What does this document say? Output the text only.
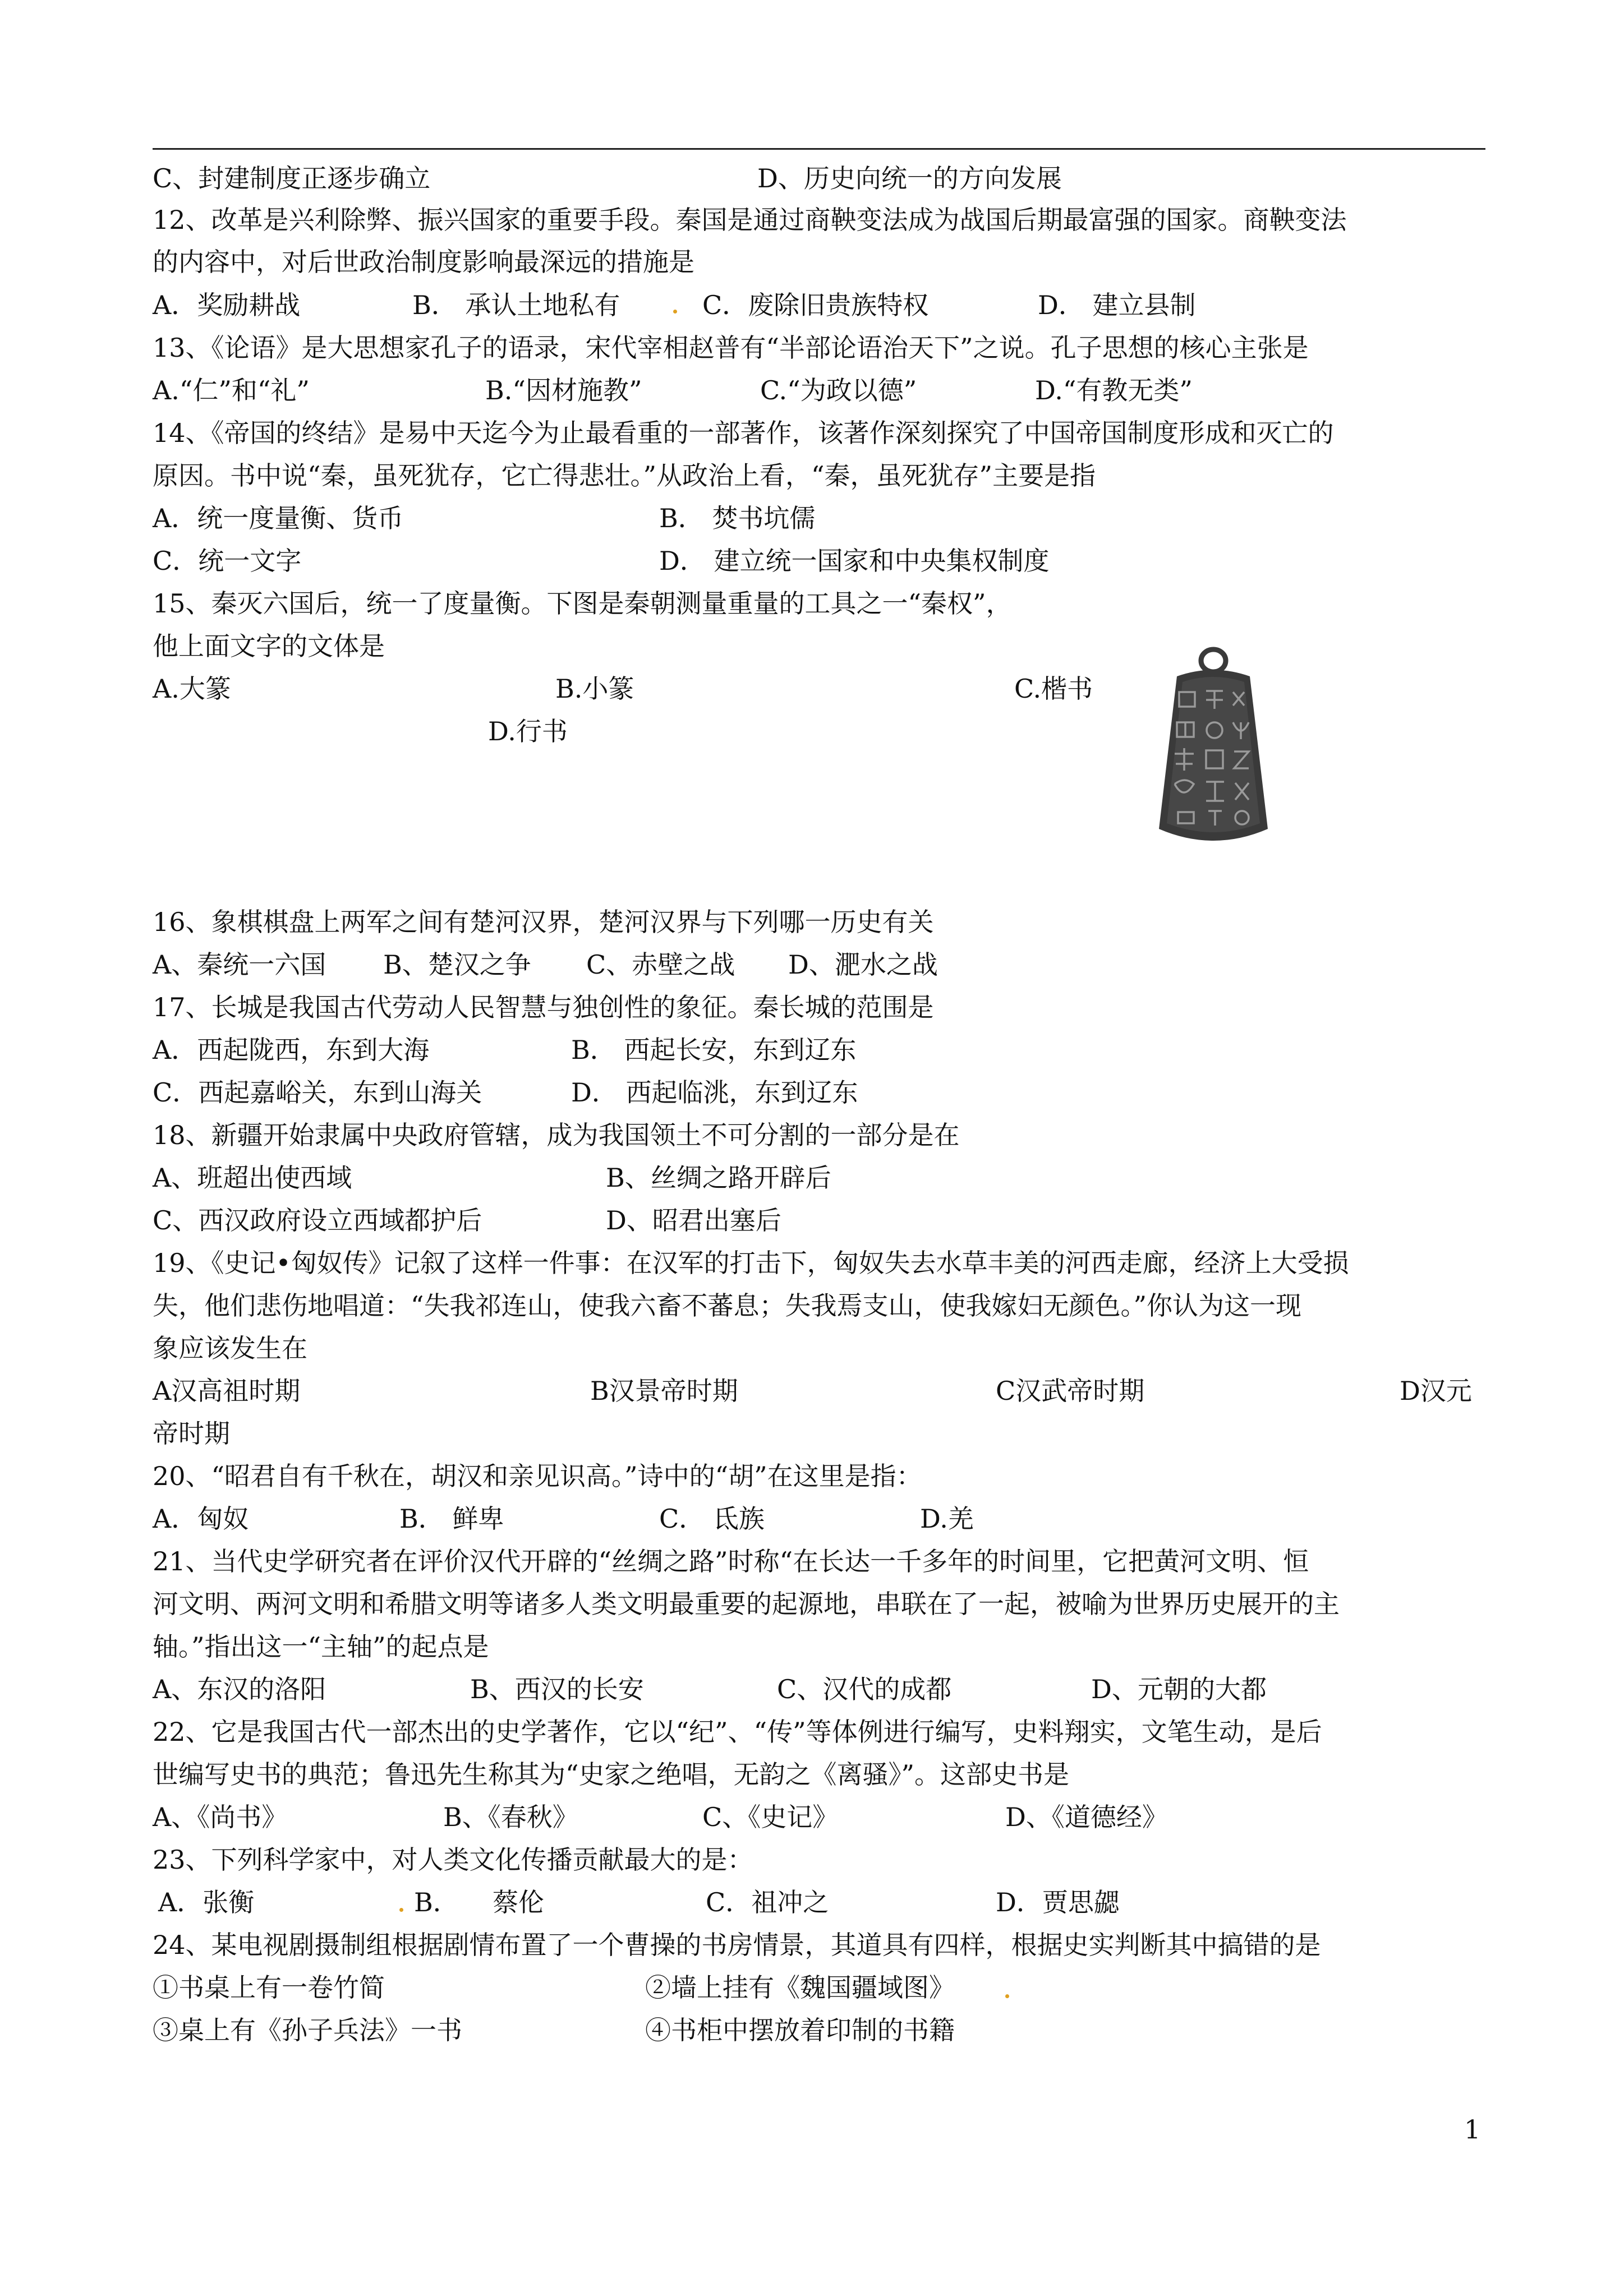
C、封建制度正逐步确立	D、历史向统一的方向发展
12、改革是兴利除弊、振兴国家的重要手段。秦国是通过商鞅变法成为战国后期最富强的国家。商鞅变法
的内容中，对后世政治制度影响最深远的措施是
A．奖励耕战	B． 承认土地私有	C．废除旧贵族特权	D． 建立县制
13、《论语》是大思想家孔子的语录，宋代宰相赵普有“半部论语治天下”之说。孔子思想的核心主张是
A.“仁”和“礼”	B.“因材施教”	C.“为政以德”	D.“有教无类”
14、《帝国的终结》是易中天迄今为止最看重的一部著作，该著作深刻探究了中国帝国制度形成和灭亡的
原因。书中说“秦，虽死犹存，它亡得悲壮。”从政治上看，“秦，虽死犹存”主要是指
A．统一度量衡、货币	B． 焚书坑儒
C．统一文字	D． 建立统一国家和中央集权制度
15、秦灭六国后，统一了度量衡。下图是秦朝测量重量的工具之一“秦权”，
他上面文字的文体是
A.大篆	B.小篆	C.楷书
D.行书
16、象棋棋盘上两军之间有楚河汉界，楚河汉界与下列哪一历史有关
A、秦统一六国 B、楚汉之争 C、赤壁之战 D、淝水之战
17、长城是我国古代劳动人民智慧与独创性的象征。秦长城的范围是
A．西起陇西，东到大海	B． 西起长安，东到辽东
C．西起嘉峪关，东到山海关	D． 西起临洮，东到辽东
18、新疆开始隶属中央政府管辖，成为我国领土不可分割的一部分是在
A、班超出使西域	B、丝绸之路开辟后
C、西汉政府设立西域都护后	D、昭君出塞后
19、《史记•匈奴传》记叙了这样一件事：在汉军的打击下，匈奴失去水草丰美的河西走廊，经济上大受损
失，他们悲伤地唱道：“失我祁连山，使我六畜不蕃息；失我焉支山，使我嫁妇无颜色。”你认为这一现
象应该发生在
A汉高祖时期	B汉景帝时期	C汉武帝时期	D汉元
帝时期
20、“昭君自有千秋在，胡汉和亲见识高。”诗中的“胡”在这里是指：
A．匈奴	B． 鲜卑	C． 氐族	D.羌
21、当代史学研究者在评价汉代开辟的“丝绸之路”时称“在长达一千多年的时间里，它把黄河文明、恒
河文明、两河文明和希腊文明等诸多人类文明最重要的起源地，串联在了一起，被喻为世界历史展开的主
轴。”指出这一“主轴”的起点是
A、东汉的洛阳	B、西汉的长安	C、汉代的成都	D、元朝的大都
22、它是我国古代一部杰出的史学著作，它以“纪”、“传”等体例进行编写，史料翔实，文笔生动，是后
世编写史书的典范；鲁迅先生称其为“史家之绝唱，无韵之《离骚》”。这部史书是
A、《尚书》	B、《春秋》	C、《史记》	D、《道德经》
23、下列科学家中，对人类文化传播贡献最大的是：
A．张衡	B． 蔡伦	C．祖冲之	D．贾思勰
24、某电视剧摄制组根据剧情布置了一个曹操的书房情景，其道具有四样，根据史实判断其中搞错的是
①书桌上有一卷竹简	②墙上挂有《魏国疆域图》
③桌上有《孙子兵法》一书	④书柜中摆放着印制的书籍
1
